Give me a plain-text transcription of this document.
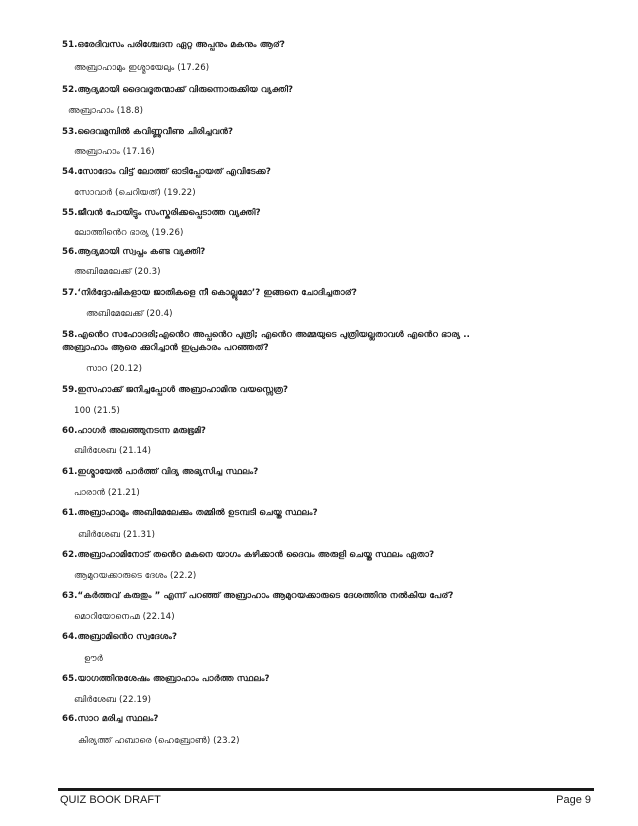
51.ഒരേദിവസം പരിശ്ചേദന ഏറ്റ അപ്പനും മകനും ആര്?
അബ്രാഹാമും ഇശ്മായേലും (17.26)
52.ആദ്യമായി ദൈവദൂതന്മാക്ക് വിരുന്നൊരുക്കിയ വ്യക്തി?
അബ്രാഹാം (18.8)
53.ദൈവമുമ്പിൽ കവിണ്ണുവീണു ചിരിച്ചവൻ?
അബ്രാഹാം (17.16)
54.സോദോം വിട്ട് ലോത്ത് ഓടിപ്പോയത് എവിടേക്ക?
സോവാർ (ചെറിയത്) (19.22)
55.ജീവൻ പോയിട്ടും സംസ്കരിക്കപ്പെടാത്ത വ്യക്തി?
ലോത്തിൻെറ ഭാര്യ (19.26)
56.ആദ്യമായി സ്വപ്നം കണ്ട വ്യക്തി?
അബിമേലേക്ക് (20.3)
57.‘നിർദ്ദോഷികളായ ജാതികളെ നീ കൊല്ലുമോ’? ഇങ്ങനെ ചോദിച്ചതാര്?
അബിമേലേക്ക് (20.4)
58.എൻെറ സഹോദരി;എൻെറ അപ്പൻെറ പുത്രി; എൻെറ അമ്മയുടെ പുത്രിയല്ലതാവൾ എൻെറ ഭാര്യ ..
അബ്രാഹാം ആരെ ക്കുറിച്ചാൻ ഇപ്രകാരം പറഞ്ഞത്?
സാറ (20.12)
59.ഇസഹാക്ക് ജനിച്ചപ്പോൾ അബ്രാഹാമിനു വയസ്സെത്ര?
100 (21.5)
60.ഹാഗർ അലഞ്ഞുനടന്ന മരുഭൂമി?
ബിർശേബ (21.14)
61.ഇശ്മായേൽ പാർത്ത് വിദ്യ അഭ്യസിച്ച സ്ഥലം?
പാരാൻ (21.21)
61.അബ്രാഹാമും അബിമേലേക്കും തമ്മിൽ ഉടമ്പടി ചെയ്ത സ്ഥലം?
ബിർശേബ (21.31)
62.അബ്രാഹാമിനോട് തൻെറ മകനെ യാഗം കഴിക്കാൻ ദൈവം അരുളി ചെയ്ത സ്ഥലം ഏതാ?
ആമുറയക്കാരുടെ ദേശം (22.2)
63.“കർത്തവ് കരുതും ” എന്ന് പറഞ്ഞ് അബ്രാഹാം ആമുറയക്കാരുടെ ദേശത്തിനു നൽകിയ പേര്?
മൊറിയോനെഹ്മ (22.14)
64.അബ്രാമിൻെറ സ്വദേശം?
ഊർ
65.യാഗത്തിനുശേഷം അബ്രാഹാം പാർത്ത സ്ഥലം?
ബിർശേബ (22.19)
66.സാറ മരിച്ച സ്ഥലം?
കിര്യത്ത് ഹബാരെ (ഹെബ്രോൺ) (23.2)
QUIZ BOOK DRAFT	Page 9
